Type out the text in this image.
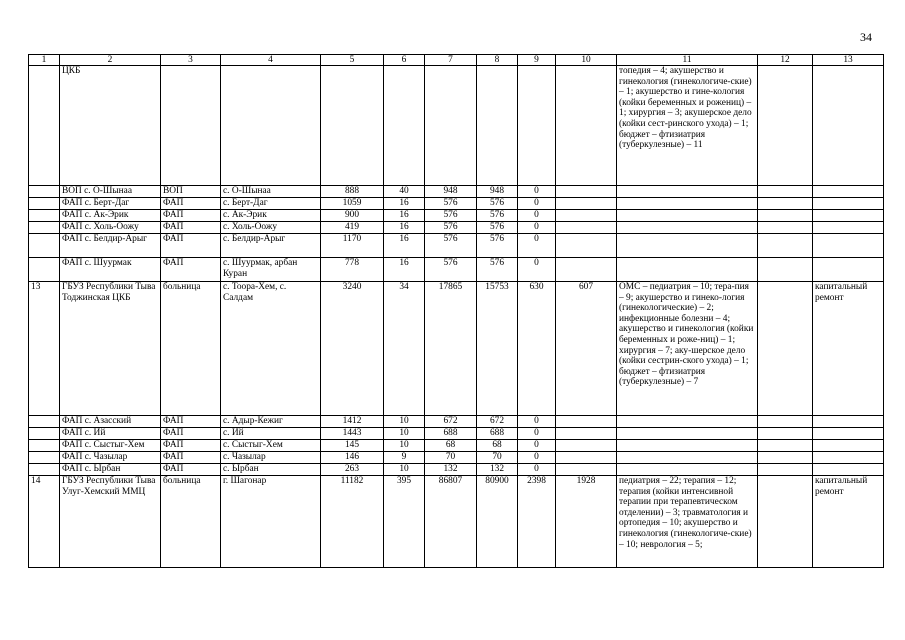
34
1	2	3	4	5	6	7	8	9	10	11	12	13
	ЦКБ									топедия – 4; акушерство и гинекология (гинекологиче-ские) – 1; акушерство и гине-кология (койки беременных и рожениц) – 1; хирургия – 3; акушерское дело (койки сест-ринского ухода) – 1; бюджет – фтизиатрия (туберкулезные) – 11		
	ВОП с. О-Шынаа	ВОП	с. О-Шынаа	888	40	948	948	0				
	ФАП с. Берт-Даг	ФАП	с. Берт-Даг	1059	16	576	576	0				
	ФАП с. Ак-Эрик	ФАП	с. Ак-Эрик	900	16	576	576	0				
	ФАП с. Холь-Оожу	ФАП	с. Холь-Оожу	419	16	576	576	0				
	ФАП с. Белдир-Арыг	ФАП	с. Белдир-Арыг	1170	16	576	576	0				
	ФАП с. Шуурмак	ФАП	с. Шуурмак, арбан Куран	778	16	576	576	0				
13	ГБУЗ Республики Тыва Тоджинская ЦКБ	больница	с. Тоора-Хем, с. Салдам	3240	34	17865	15753	630	607	ОМС – педиатрия – 10; тера-пия – 9; акушерство и гинеко-логия (гинекологические) – 2; инфекционные болезни – 4; акушерство и гинекология (койки беременных и роже-ниц) – 1; хирургия – 7; аку-шерское дело (койки сестрин-ского ухода) – 1; бюджет – фтизиатрия (туберкулезные) – 7		капитальный ремонт
	ФАП с. Азасский	ФАП	с. Адыр-Кежиг	1412	10	672	672	0				
	ФАП с. Ий	ФАП	с. Ий	1443	10	688	688	0				
	ФАП с. Сыстыг-Хем	ФАП	с. Сыстыг-Хем	145	10	68	68	0				
	ФАП с. Чазылар	ФАП	с. Чазылар	146	9	70	70	0				
	ФАП с. Ырбан	ФАП	с. Ырбан	263	10	132	132	0				
14	ГБУЗ Республики Тыва Улуг-Хемский ММЦ	больница	г. Шагонар	11182	395	86807	80900	2398	1928	педиатрия – 22; терапия – 12; терапия (койки интенсивной терапии при терапевтическом отделении) – 3; травматология и ортопедия – 10; акушерство и гинекология (гинекологиче-ские) – 10; неврология – 5;		капитальный ремонт
